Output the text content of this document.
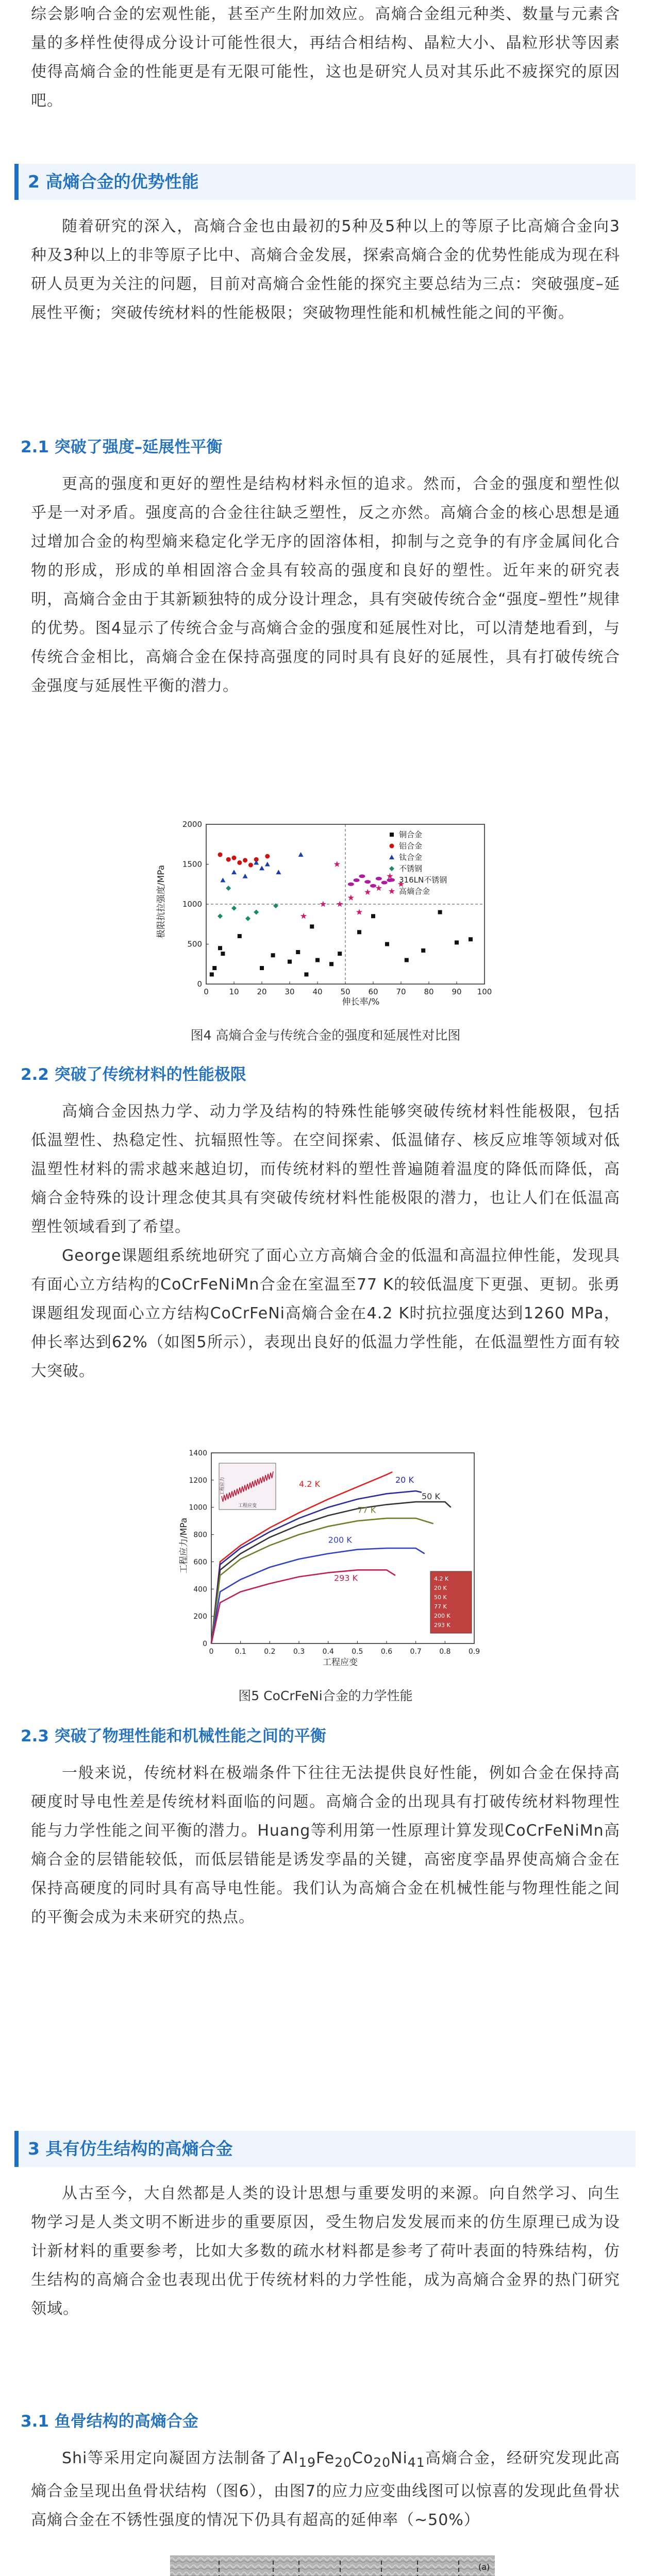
综会影响合金的宏观性能，甚至产生附加效应。高熵合金组元种类、数量与元素含量的多样性使得成分设计可能性很大，再结合相结构、晶粒大小、晶粒形状等因素使得高熵合金的性能更是有无限可能性，这也是研究人员对其乐此不疲探究的原因吧。

2 高熵合金的优势性能

随着研究的深入，高熵合金也由最初的5种及5种以上的等原子比高熵合金向3种及3种以上的非等原子比中、高熵合金发展，探索高熵合金的优势性能成为现在科研人员更为关注的问题，目前对高熵合金性能的探究主要总结为三点：突破强度–延展性平衡；突破传统材料的性能极限；突破物理性能和机械性能之间的平衡。

2.1 突破了强度–延展性平衡

更高的强度和更好的塑性是结构材料永恒的追求。然而，合金的强度和塑性似乎是一对矛盾。强度高的合金往往缺乏塑性，反之亦然。高熵合金的核心思想是通过增加合金的构型熵来稳定化学无序的固溶体相，抑制与之竞争的有序金属间化合物的形成，形成的单相固溶合金具有较高的强度和良好的塑性。近年来的研究表明，高熵合金由于其新颖独特的成分设计理念，具有突破传统合金“强度–塑性”规律的优势。图4显示了传统合金与高熵合金的强度和延展性对比，可以清楚地看到，与传统合金相比，高熵合金在保持高强度的同时具有良好的延展性，具有打破传统合金强度与延展性平衡的潜力。

0	10 20 30 40 50 60 70 80 90 100
0
500
1000
1500
2000
铜合金
铝合金
钛合金
不锈钢
316LN不锈钢
高熵合金
极限抗拉强度/MPa
伸长率/%
图4 高熵合金与传统合金的强度和延展性对比图
2.2 突破了传统材料的性能极限

高熵合金因热力学、动力学及结构的特殊性能够突破传统材料性能极限，包括低温塑性、热稳定性、抗辐照性等。在空间探索、低温储存、核反应堆等领域对低温塑性材料的需求越来越迫切，而传统材料的塑性普遍随着温度的降低而降低，高熵合金特殊的设计理念使其具有突破传统材料性能极限的潜力，也让人们在低温高塑性领域看到了希望。

George课题组系统地研究了面心立方高熵合金的低温和高温拉伸性能，发现具有面心立方结构的CoCrFeNiMn合金在室温至77 K的较低温度下更强、更韧。张勇课题组发现面心立方结构CoCrFeNi高熵合金在4.2 K时抗拉强度达到1260 MPa，伸长率达到62%（如图5所示），表现出良好的低温力学性能，在低温塑性方面有较大突破。

0	0.1 0.2 0.3 0.4 0.5 0.6 0.7 0.8 0.9
0
200
400
600
800
1000
1200
1400
4.2 K	20 K
50 K
77 K
200 K
293 K
工程应变
工程应力
4.2 K
20 K
50 K
77 K
200 K
293 K
工程应力/MPa
工程应变
图5 CoCrFeNi合金的力学性能
2.3 突破了物理性能和机械性能之间的平衡

一般来说，传统材料在极端条件下往往无法提供良好性能，例如合金在保持高硬度时导电性差是传统材料面临的问题。高熵合金的出现具有打破传统材料物理性能与力学性能之间平衡的潜力。Huang等利用第一性原理计算发现CoCrFeNiMn高熵合金的层错能较低，而低层错能是诱发孪晶的关键，高密度孪晶界使高熵合金在保持高硬度的同时具有高导电性能。我们认为高熵合金在机械性能与物理性能之间的平衡会成为未来研究的热点。

3 具有仿生结构的高熵合金

从古至今，大自然都是人类的设计思想与重要发明的来源。向自然学习、向生物学习是人类文明不断进步的重要原因，受生物启发发展而来的仿生原理已成为设计新材料的重要参考，比如大多数的疏水材料都是参考了荷叶表面的特殊结构，仿生结构的高熵合金也表现出优于传统材料的力学性能，成为高熵合金界的热门研究领域。

3.1 鱼骨结构的高熵合金

Shi等采用定向凝固方法制备了$Al_{19}Fe_{20}Co_{20}Ni_{41}$高熵合金，经研究发现此高熵合金呈现出鱼骨状结构（图6），由图7的应力应变曲线图可以惊喜的发现此鱼骨状高熵合金在不锈性强度的情况下仍具有超高的延伸率（~50%）

(a)
